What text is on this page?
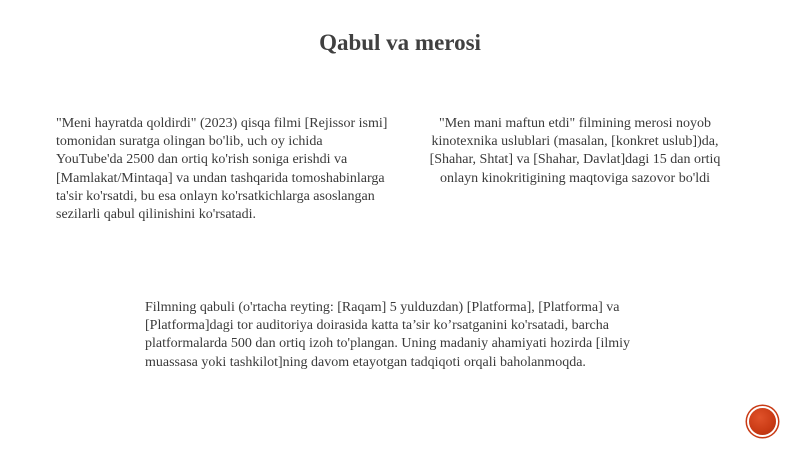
Qabul va merosi
"Meni hayratda qoldirdi" (2023) qisqa filmi [Rejissor ismi] tomonidan suratga olingan bo'lib, uch oy ichida YouTube'da 2500 dan ortiq ko'rish soniga erishdi va [Mamlakat/Mintaqa] va undan tashqarida tomoshabinlarga ta'sir ko'rsatdi, bu esa onlayn ko'rsatkichlarga asoslangan sezilarli qabul qilinishini ko'rsatadi.
"Men mani maftun etdi" filmining merosi noyob kinotexnika uslublari (masalan, [konkret uslub])da, [Shahar, Shtat] va [Shahar, Davlat]dagi 15 dan ortiq onlayn kinokritigining maqtoviga sazovor bo'ldi
Filmning qabuli (o'rtacha reyting: [Raqam] 5 yulduzdan) [Platforma], [Platforma] va [Platforma]dagi tor auditoriya doirasida katta ta’sir ko’rsatganini ko'rsatadi, barcha platformalarda 500 dan ortiq izoh to'plangan. Uning madaniy ahamiyati hozirda [ilmiy muassasa yoki tashkilot]ning davom etayotgan tadqiqoti orqali baholanmoqda.
